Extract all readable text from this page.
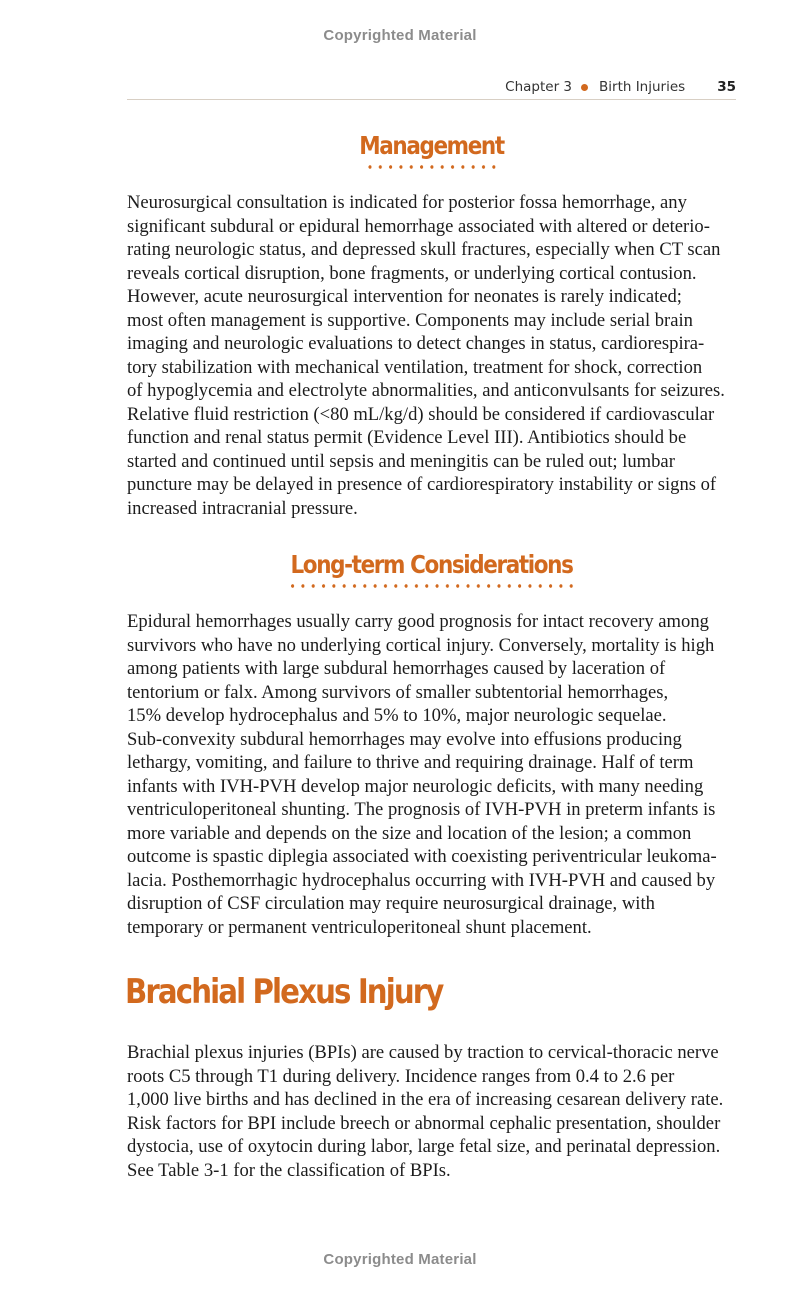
Copyrighted Material
Chapter 3 Birth Injuries 35
Management
Neurosurgical consultation is indicated for posterior fossa hemorrhage, any
significant subdural or epidural hemorrhage associated with altered or deterio-
rating neurologic status, and depressed skull fractures, especially when CT scan
reveals cortical disruption, bone fragments, or underlying cortical contusion.
However, acute neurosurgical intervention for neonates is rarely indicated;
most often management is supportive. Components may include serial brain
imaging and neurologic evaluations to detect changes in status, cardiorespira-
tory stabilization with mechanical ventilation, treatment for shock, correction
of hypoglycemia and electrolyte abnormalities, and anticonvulsants for seizures.
Relative fluid restriction (<80 mL/kg/d) should be considered if cardiovascular
function and renal status permit (Evidence Level III). Antibiotics should be
started and continued until sepsis and meningitis can be ruled out; lumbar
puncture may be delayed in presence of cardiorespiratory instability or signs of
increased intracranial pressure.
Long-term Considerations
Epidural hemorrhages usually carry good prognosis for intact recovery among
survivors who have no underlying cortical injury. Conversely, mortality is high
among patients with large subdural hemorrhages caused by laceration of
tentorium or falx. Among survivors of smaller subtentorial hemorrhages,
15% develop hydrocephalus and 5% to 10%, major neurologic sequelae.
Sub-convexity subdural hemorrhages may evolve into effusions producing
lethargy, vomiting, and failure to thrive and requiring drainage. Half of term
infants with IVH-PVH develop major neurologic deficits, with many needing
ventriculoperitoneal shunting. The prognosis of IVH-PVH in preterm infants is
more variable and depends on the size and location of the lesion; a common
outcome is spastic diplegia associated with coexisting periventricular leukoma-
lacia. Posthemorrhagic hydrocephalus occurring with IVH-PVH and caused by
disruption of CSF circulation may require neurosurgical drainage, with
temporary or permanent ventriculoperitoneal shunt placement.
Brachial Plexus Injury
Brachial plexus injuries (BPIs) are caused by traction to cervical-thoracic nerve
roots C5 through T1 during delivery. Incidence ranges from 0.4 to 2.6 per
1,000 live births and has declined in the era of increasing cesarean delivery rate.
Risk factors for BPI include breech or abnormal cephalic presentation, shoulder
dystocia, use of oxytocin during labor, large fetal size, and perinatal depression.
See Table 3-1 for the classification of BPIs.
Copyrighted Material
